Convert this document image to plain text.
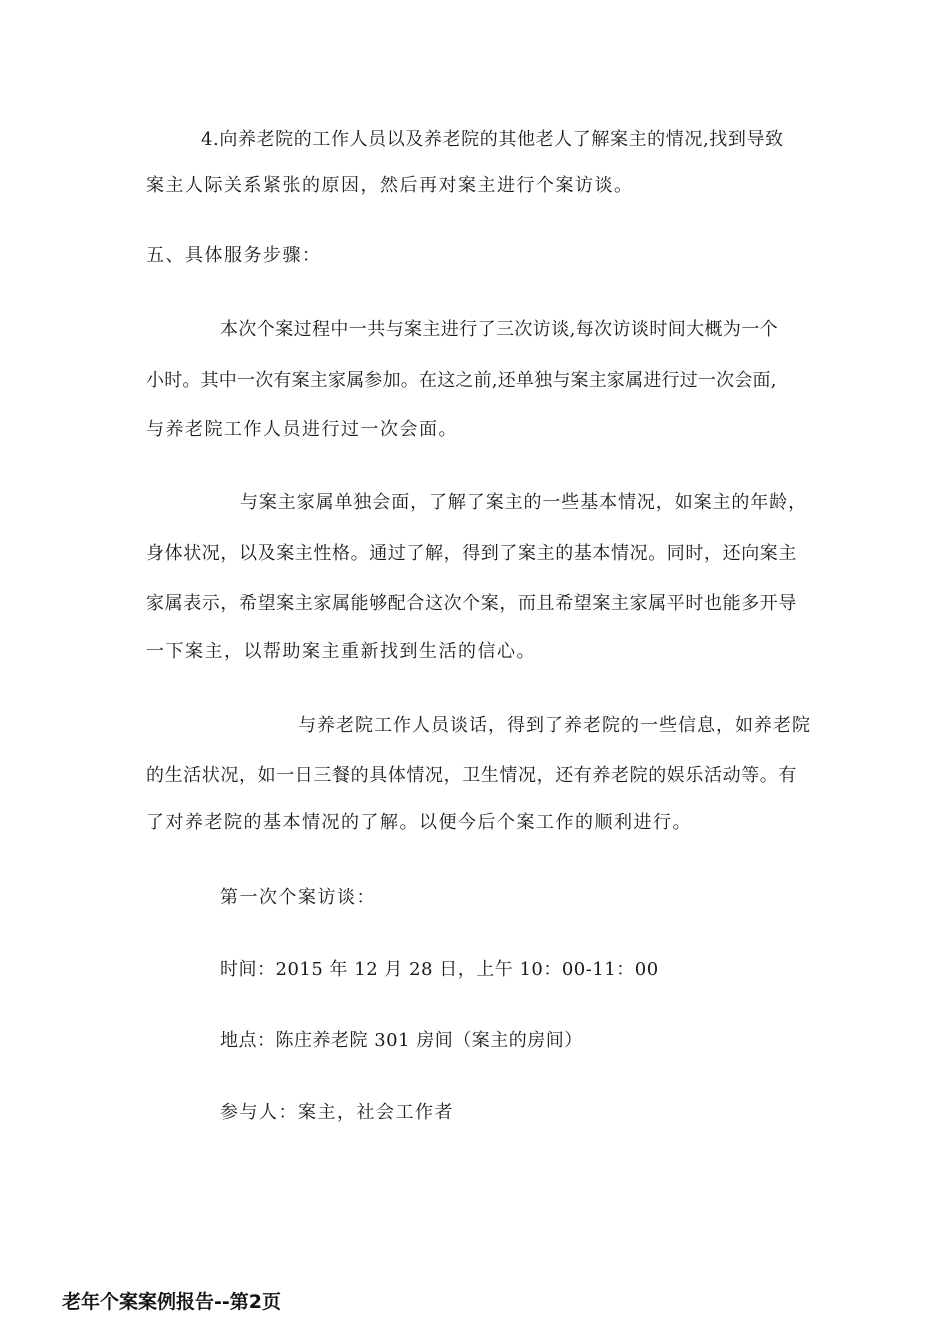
4.向养老院的工作人员以及养老院的其他老人了解案主的情况,找到导致
案主人际关系紧张的原因，然后再对案主进行个案访谈。
五、具体服务步骤：
本次个案过程中一共与案主进行了三次访谈,每次访谈时间大概为一个
小时。其中一次有案主家属参加。在这之前,还单独与案主家属进行过一次会面,
与养老院工作人员进行过一次会面。
与案主家属单独会面，了解了案主的一些基本情况，如案主的年龄，
身体状况，以及案主性格。通过了解，得到了案主的基本情况。同时，还向案主
家属表示，希望案主家属能够配合这次个案，而且希望案主家属平时也能多开导
一下案主，以帮助案主重新找到生活的信心。
与养老院工作人员谈话，得到了养老院的一些信息，如养老院
的生活状况，如一日三餐的具体情况，卫生情况，还有养老院的娱乐活动等。有
了对养老院的基本情况的了解。以便今后个案工作的顺利进行。
第一次个案访谈：
时间：2015 年 12 月 28 日，上午 10：00-11：00
地点：陈庄养老院 301 房间（案主的房间）
参与人：案主，社会工作者
老年个案案例报告--第2页
